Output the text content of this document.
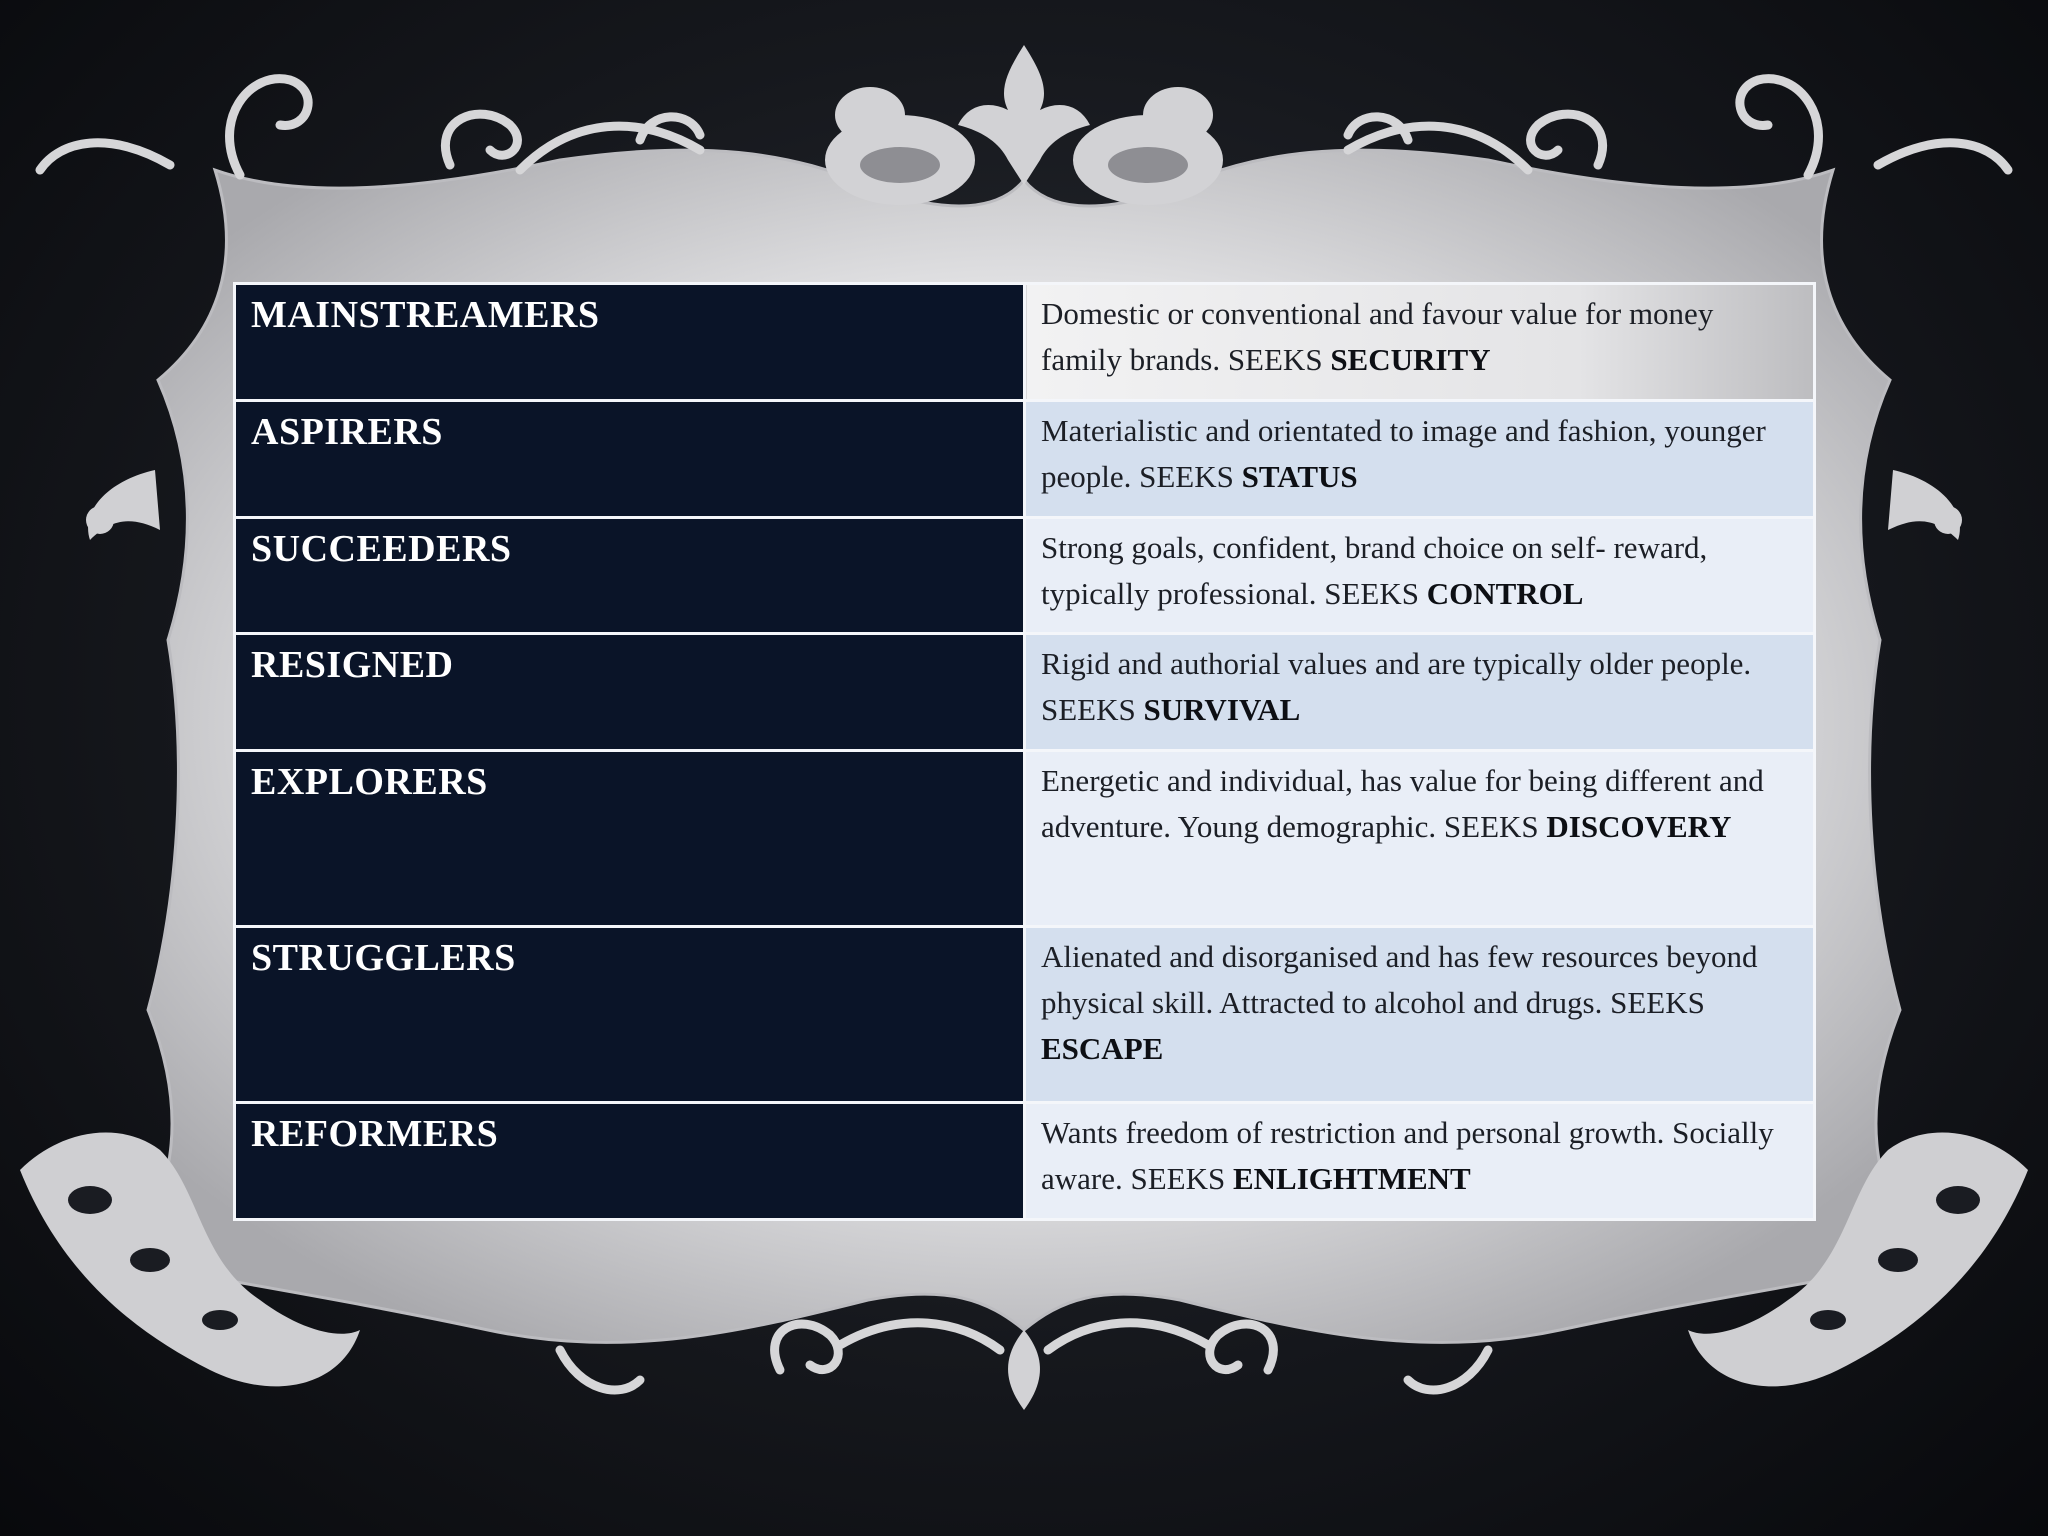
MAINSTREAMERS	Domestic or conventional and favour value for money family brands. SEEKS SECURITY
ASPIRERS	Materialistic and orientated to image and fashion, younger people. SEEKS STATUS
SUCCEEDERS	Strong goals, confident, brand choice on self- reward, typically professional. SEEKS CONTROL
RESIGNED	Rigid and authorial values and are typically older people. SEEKS SURVIVAL
EXPLORERS	Energetic and individual, has value for being different and adventure. Young demographic. SEEKS DISCOVERY
STRUGGLERS	Alienated and disorganised and has few resources beyond physical skill. Attracted to alcohol and drugs. SEEKS ESCAPE
REFORMERS	Wants freedom of restriction and personal growth. Socially aware. SEEKS ENLIGHTMENT
